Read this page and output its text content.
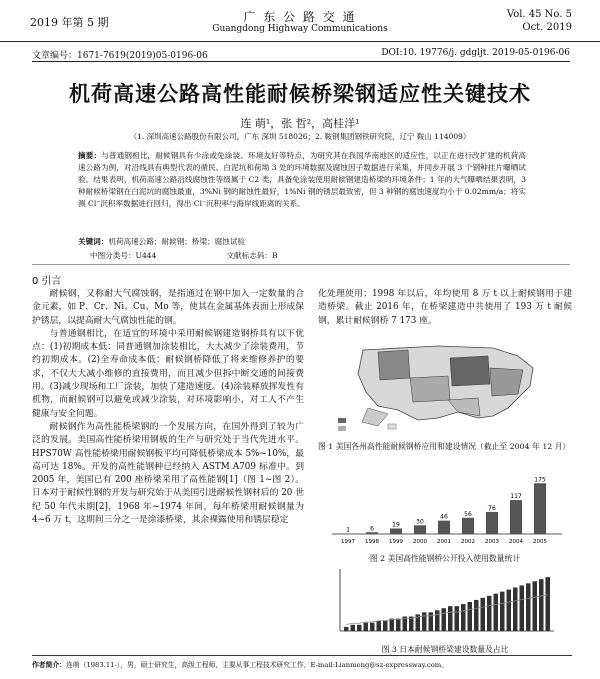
2019 年第 5 期	广 东 公 路 交 通
Guangdong Highway Communications
Vol. 45 No. 5
Oct. 2019
文章编号：1671-7619(2019)05-0196-06	DOI:10. 19776/j. gdgljt. 2019-05-0196-06
机荷高速公路高性能耐候桥梁钢适应性关键技术
连 萌¹，张 哲²，高桂洋¹
（1. 深圳高速公路股份有限公司，广东 深圳 518026；2. 鞍钢集团钢铁研究院，辽宁 鞍山 114009）
摘要：与普通钢相比，耐候钢具有少涂或免涂装、环境友好等特点，为研究其在我国华南地区的适应性，以正在进行改扩建的机荷高速公路为例，对沿线具有典型代表的循民、白泥坑和荷坳 3 处的环境数据及腐蚀因子数据进行采集，并同步开展 3 个钢种挂片曝晒试验。结果表明，机荷高速公路沿线腐蚀性等级属于 C2 类，具备免涂装使用耐候钢建造桥梁的环境条件；1 年的大气曝晒结果表明，3 种耐候桥梁钢在白泥坑的腐蚀最重，3%Ni 钢的耐蚀性最好，1%Ni 钢的锈层最致密，但 3 种钢的腐蚀速度均小于 0.02mm/a；将实测 Cl⁻沉积率数据进行回归，得出 Cl⁻沉积率与海岸线距离的关系。
关键词：机荷高速公路；耐候钢；桥梁；腐蚀试验
中图分类号：U444	文献标志码：B
0 引言

耐候钢，又称耐大气腐蚀钢，是指通过在钢中加入一定数量的合金元素，如 P、Cr、Ni、Cu、Mo 等，使其在金属基体表面上形成保护锈层，以提高耐大气腐蚀性能的钢。

与普通钢相比，在适宜的环境中采用耐候钢建造钢桥具有以下优点：(1)初期成本低：同普通钢加涂装相比，大大减少了涂装费用，节约初期成本。(2)全寿命成本低：耐候钢桥降低了将来维修养护的要求，不仅大大减小维修的直接费用，而且减少但拆中断交通的间接费用。(3)减少现场和工厂涂装，加快了建造速度。(4)涂装释放挥发性有机物，而耐候钢可以避免或减少涂装，对环境影响小，对工人不产生健康与安全问题。

耐候钢作为高性能桥梁钢的一个发展方向，在国外得到了较为广泛的发展。美国高性能桥梁用钢板的生产与研究处于当代先进水平。HPS70W 高性能桥梁用耐候钢板平均可降低桥梁成本 5%~10%，最高可达 18%。开发的高性能钢种已经纳入 ASTM A709 标准中。到 2005 年，美国已有 200 座桥梁采用了高性能钢[1]（图 1~图 2）。日本对于耐候性钢的开发与研究始于从美国引进耐候性钢材后的 20 世纪 50 年代末期[2]，1968 年~1974 年间，每年桥梁用耐候钢量为 4~6 万 t，这期间三分之一是涂漆桥梁，其余裸露使用和锈层稳定

化处理使用；1998 年以后，年均使用 8 万 t 以上耐候钢用于建造桥梁。截止 2016 年，在桥梁建造中共使用了 193 万 t 耐候钢，累计耐候钢桥 7 173 座。

图 1 美国各州高性能耐候钢桥应用和建设情况（截止至 2004 年 12 月）
1
1997
6
1998
19
1999
30
2000
46
2001
56
2002
76
2003
117
2004
175
2005
图 2 美国高性能钢桥公开投入使用数量统计
图 3 日本耐候钢桥梁建设数量及占比
作者简介：连萌（1983.11-），男，硕士研究生，高级工程师，主要从事工程技术研究工作，E-mail:Lianmeng@sz-expressway.com。
